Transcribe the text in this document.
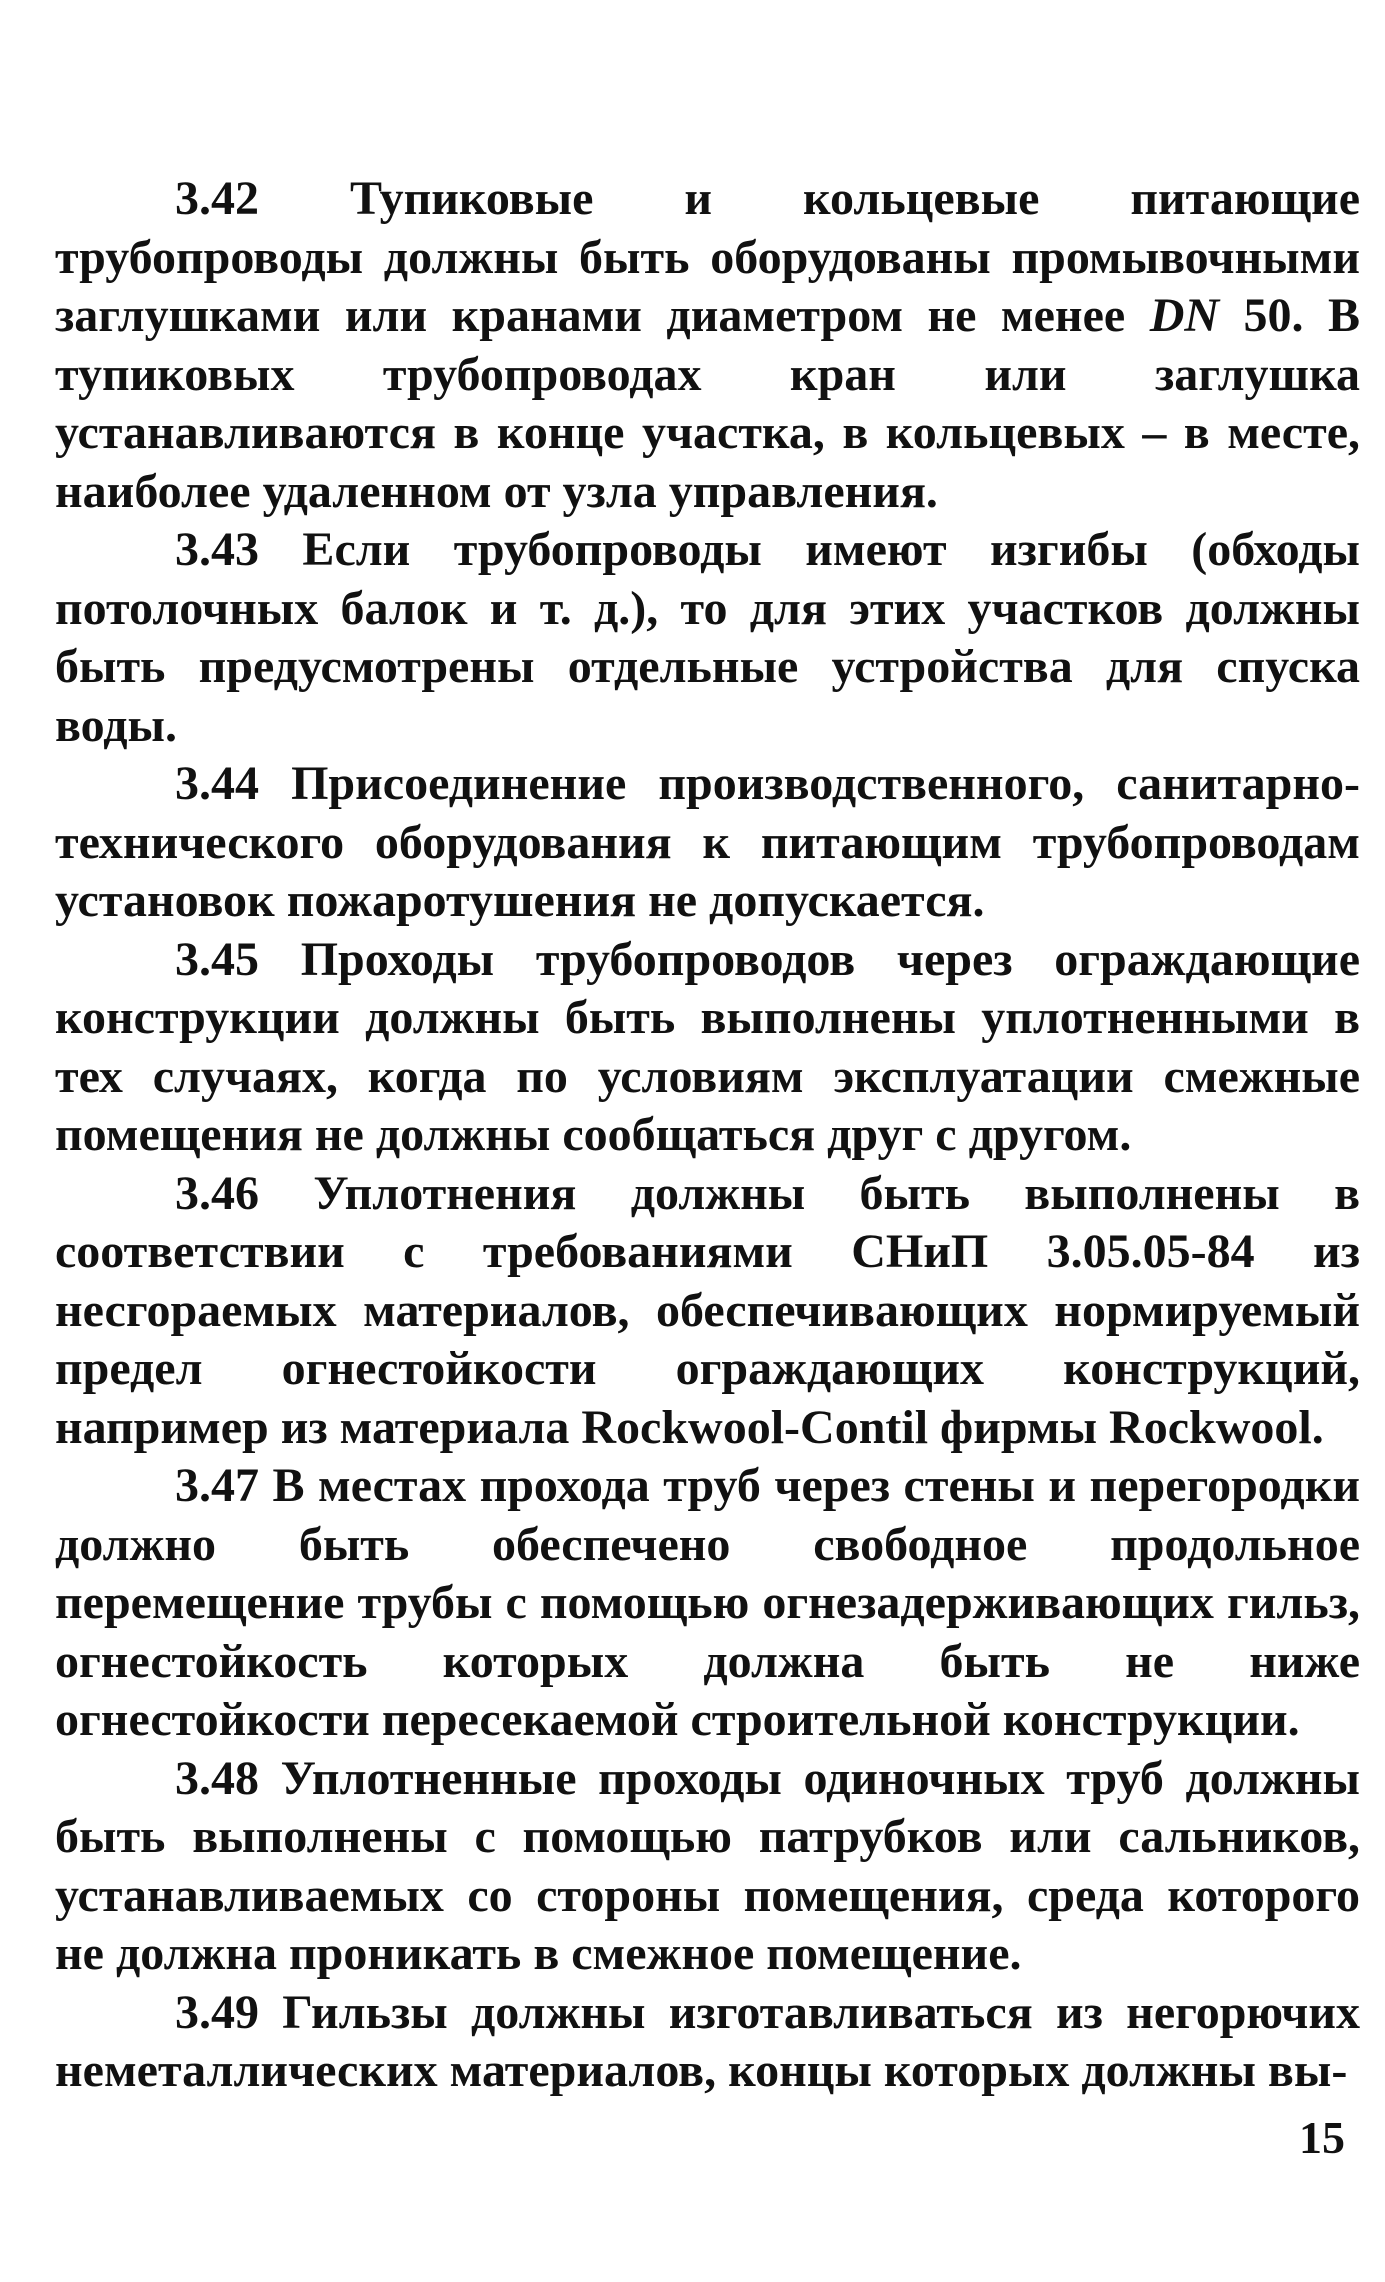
3.42 Тупиковые и кольцевые питающие трубопроводы должны быть оборудованы промывочными заглушками или кранами диаметром не менее DN 50. В тупиковых трубопроводах кран или заглушка устанавливаются в конце участка, в кольцевых – в месте, наиболее удаленном от узла управления.

3.43 Если трубопроводы имеют изгибы (обходы потолочных балок и т. д.), то для этих участков должны быть предусмотрены отдельные устройства для спуска воды.

3.44 Присоединение производственного, санитарно-технического оборудования к питающим трубопроводам установок пожаротушения не допускается.

3.45 Проходы трубопроводов через ограждающие конструкции должны быть выполнены уплотненными в тех случаях, когда по условиям эксплуатации смежные помещения не должны сообщаться друг с другом.

3.46 Уплотнения должны быть выполнены в соответствии с требованиями СНиП 3.05.05-84 из несгораемых материалов, обеспечивающих нормируемый предел огнестойкости ограждающих конструкций, например из материала Rockwool-Contil фирмы Rockwool.

3.47 В местах прохода труб через стены и перегородки должно быть обеспечено свободное продольное перемещение трубы с помощью огнезадерживающих гильз, огнестойкость которых должна быть не ниже огнестойкости пересекаемой строительной конструкции.

3.48 Уплотненные проходы одиночных труб должны быть выполнены с помощью патрубков или сальников, устанавливаемых со стороны помещения, среда которого не должна проникать в смежное помещение.

3.49 Гильзы должны изготавливаться из негорючих неметаллических материалов, концы которых должны вы-

15
